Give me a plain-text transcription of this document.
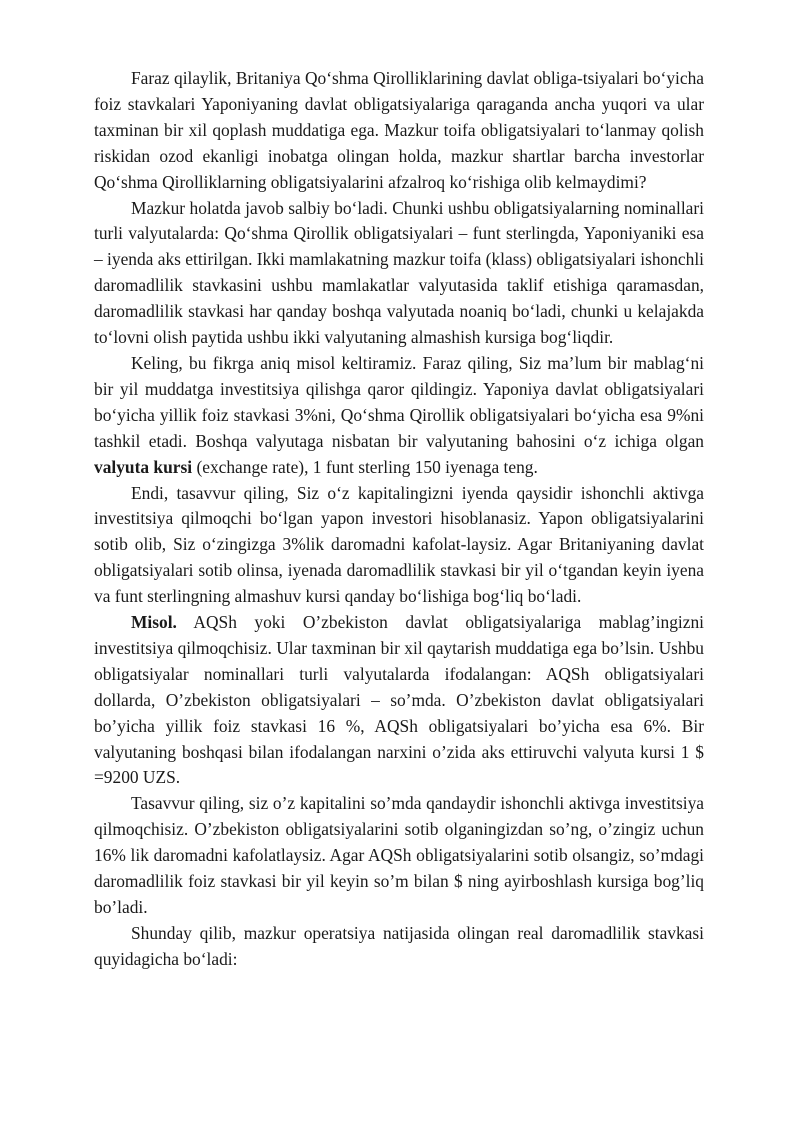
Faraz qilaylik, Britaniya Qo‘shma Qirolliklarining davlat obliga-tsiyalari bo‘yicha foiz stavkalari Yaponiyaning davlat obligatsiyalariga qaraganda ancha yuqori va ular taxminan bir xil qoplash muddatiga ega. Mazkur toifa obligatsiyalari to‘lanmay qolish riskidan ozod ekanligi inobatga olingan holda, mazkur shartlar barcha investorlar Qo‘shma Qirolliklarning obligatsiyalarini afzalroq ko‘rishiga olib kelmaydimi?

Mazkur holatda javob salbiy bo‘ladi. Chunki ushbu obligatsiyalarning nominallari turli valyutalarda: Qo‘shma Qirollik obligatsiyalari – funt sterlingda, Yaponiyaniki esa – iyenda aks ettirilgan. Ikki mamlakatning mazkur toifa (klass) obligatsiyalari ishonchli daromadlilik stavkasini ushbu mamlakatlar valyutasida taklif etishiga qaramasdan, daromadlilik stavkasi har qanday boshqa valyutada noaniq bo‘ladi, chunki u kelajakda to‘lovni olish paytida ushbu ikki valyutaning almashish kursiga bog‘liqdir.

Keling, bu fikrga aniq misol keltiramiz. Faraz qiling, Siz ma’lum bir mablag‘ni bir yil muddatga investitsiya qilishga qaror qildingiz. Yaponiya davlat obligatsiyalari bo‘yicha yillik foiz stavkasi 3%ni, Qo‘shma Qirollik obligatsiyalari bo‘yicha esa 9%ni tashkil etadi. Boshqa valyutaga nisbatan bir valyutaning bahosini o‘z ichiga olgan valyuta kursi (exchange rate), 1 funt sterling 150 iyenaga teng.

Endi, tasavvur qiling, Siz o‘z kapitalingizni iyenda qaysidir ishonchli aktivga investitsiya qilmoqchi bo‘lgan yapon investori hisoblanasiz. Yapon obligatsiyalarini sotib olib, Siz o‘zingizga 3%lik daromadni kafolat-laysiz. Agar Britaniyaning davlat obligatsiyalari sotib olinsa, iyenada daromadlilik stavkasi bir yil o‘tgandan keyin iyena va funt sterlingning almashuv kursi qanday bo‘lishiga bog‘liq bo‘ladi.

Misol. AQSh yoki O’zbekiston davlat obligatsiyalariga mablag’ingizni investitsiya qilmoqchisiz. Ular taxminan bir xil qaytarish muddatiga ega bo’lsin. Ushbu obligatsiyalar nominallari turli valyutalarda ifodalangan: AQSh obligatsiyalari dollarda, O’zbekiston obligatsiyalari – so’mda. O’zbekiston davlat obligatsiyalari bo’yicha yillik foiz stavkasi 16 %, AQSh obligatsiyalari bo’yicha esa 6%. Bir valyutaning boshqasi bilan ifodalangan narxini o’zida aks ettiruvchi valyuta kursi 1 $ =9200 UZS.

Tasavvur qiling, siz o’z kapitalini so’mda qandaydir ishonchli aktivga investitsiya qilmoqchisiz. O’zbekiston obligatsiyalarini sotib olganingizdan so’ng, o’zingiz uchun 16% lik daromadni kafolatlaysiz. Agar AQSh obligatsiyalarini sotib olsangiz, so’mdagi daromadlilik foiz stavkasi bir yil keyin so’m bilan $ ning ayirboshlash kursiga bog’liq bo’ladi.

Shunday qilib, mazkur operatsiya natijasida olingan real daromadlilik stavkasi quyidagicha bo‘ladi:
